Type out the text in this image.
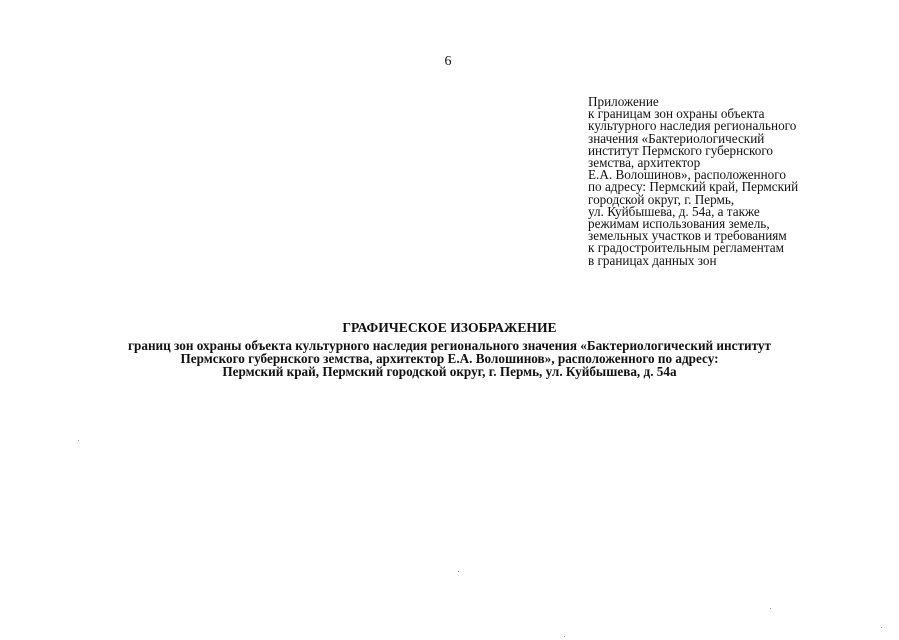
6
Приложение
к границам зон охраны объекта
культурного наследия регионального
значения «Бактериологический
институт Пермского губернского
земства, архитектор
Е.А. Волошинов», расположенного
по адресу: Пермский край, Пермский
городской округ, г. Пермь,
ул. Куйбышева, д. 54а, а также
режимам использования земель,
земельных участков и требованиям
к градостроительным регламентам
в границах данных зон
ГРАФИЧЕСКОЕ ИЗОБРАЖЕНИЕ
границ зон охраны объекта культурного наследия регионального значения «Бактериологический институт
Пермского губернского земства, архитектор Е.А. Волошинов», расположенного по адресу:
Пермский край, Пермский городской округ, г. Пермь, ул. Куйбышева, д. 54а
